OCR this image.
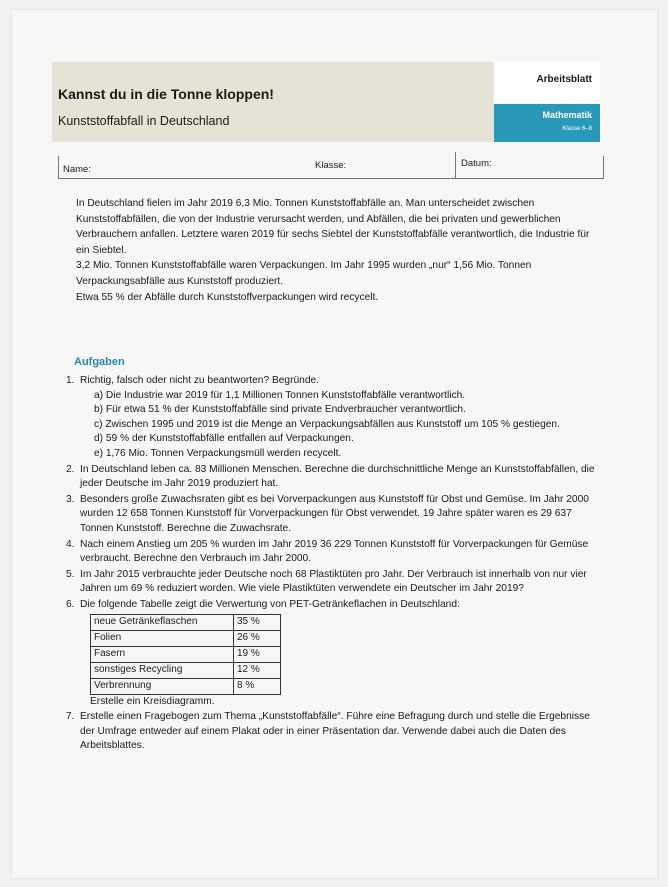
Kannst du in die Tonne kloppen!
Kunststoffabfall in Deutschland
Arbeitsblatt
Mathematik
Klasse 6–8
Name:	Klasse:	Datum:

In Deutschland fielen im Jahr 2019 6,3 Mio. Tonnen Kunststoffabfälle an. Man unterscheidet zwischen Kunststoffabfällen, die von der Industrie verursacht werden, und Abfällen, die bei privaten und gewerblichen Verbrauchern anfallen. Letztere waren 2019 für sechs Siebtel der Kunststoffabfälle verantwortlich, die Industrie für ein Siebtel.

3,2 Mio. Tonnen Kunststoffabfälle waren Verpackungen. Im Jahr 1995 wurden „nur“ 1,56 Mio. Tonnen Verpackungsabfälle aus Kunststoff produziert.

Etwa 55 % der Abfälle durch Kunststoffverpackungen wird recycelt.

Aufgaben
1. Richtig, falsch oder nicht zu beantworten? Begründe.
a) Die Industrie war 2019 für 1,1 Millionen Tonnen Kunststoffabfälle verantwortlich.
b) Für etwa 51 % der Kunststoffabfälle sind private Endverbraucher verantwortlich.
c) Zwischen 1995 und 2019 ist die Menge an Verpackungsabfällen aus Kunststoff um 105 % gestiegen.
d) 59 % der Kunststoffabfälle entfallen auf Verpackungen.
e) 1,76 Mio. Tonnen Verpackungsmüll werden recycelt.
2. In Deutschland leben ca. 83 Millionen Menschen. Berechne die durchschnittliche Menge an Kunststoffabfällen, die jeder Deutsche im Jahr 2019 produziert hat.
3. Besonders große Zuwachsraten gibt es bei Vorverpackungen aus Kunststoff für Obst und Gemüse. Im Jahr 2000 wurden 12 658 Tonnen Kunststoff für Vorverpackungen für Obst verwendet. 19 Jahre später waren es 29 637 Tonnen Kunststoff. Berechne die Zuwachsrate.
4. Nach einem Anstieg um 205 % wurden im Jahr 2019 36 229 Tonnen Kunststoff für Vorverpackungen für Gemüse verbraucht. Berechne den Verbrauch im Jahr 2000.
5. Im Jahr 2015 verbrauchte jeder Deutsche noch 68 Plastiktüten pro Jahr. Der Verbrauch ist innerhalb von nur vier Jahren um 69 % reduziert worden. Wie viele Plastiktüten verwendete ein Deutscher im Jahr 2019?
6. Die folgende Tabelle zeigt die Verwertung von PET-Getränkeflachen in Deutschland:
neue Getränkeflaschen	35 %
Folien	26 %
Fasern	19 %
sonstiges Recycling	12 %
Verbrennung	8 %
Erstelle ein Kreisdiagramm.
7. Erstelle einen Fragebogen zum Thema „Kunststoffabfälle“. Führe eine Befragung durch und stelle die Ergebnisse der Umfrage entweder auf einem Plakat oder in einer Präsentation dar. Verwende dabei auch die Daten des Arbeitsblattes.
